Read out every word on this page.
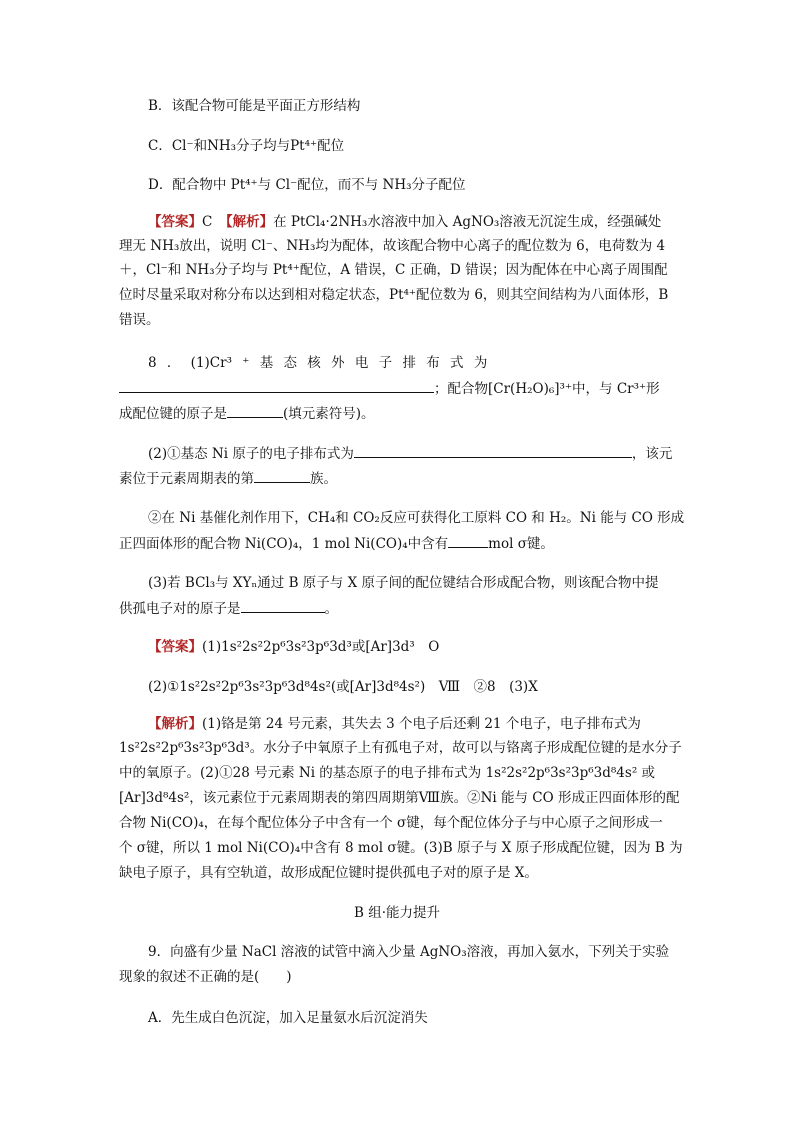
B．该配合物可能是平面正方形结构
C．Cl⁻和NH₃分子均与Pt⁴⁺配位
D．配合物中 Pt⁴⁺与 Cl⁻配位，而不与 NH₃分子配位
【答案】C　 【解析】在 PtCl₄·2NH₃水溶液中加入 AgNO₃溶液无沉淀生成，经强碱处
理无 NH₃放出，说明 Cl⁻、NH₃均为配体，故该配合物中心离子的配位数为 6，电荷数为 4
＋，Cl⁻和 NH₃分子均与 Pt⁴⁺配位，A 错误，C 正确，D 错误；因为配体在中心离子周围配
位时尽量采取对称分布以达到相对稳定状态，Pt⁴⁺配位数为 6，则其空间结构为八面体形，B
错误。
8 ． (1)Cr³ ⁺ 基 态 核 外 电 子 排 布 式 为
；配合物[Cr(H₂O)₆]³⁺中，与 Cr³⁺形
成配位键的原子是	(填元素符号)。
(2)①基态 Ni 原子的电子排布式为	，该元
素位于元素周期表的第	族。
②在 Ni 基催化剂作用下，CH₄和 CO₂反应可获得化工原料 CO 和 H₂。Ni 能与 CO 形成
正四面体形的配合物 Ni(CO)₄，1 mol Ni(CO)₄中含有	mol σ键。
(3)若 BCl₃与 XYₙ通过 B 原子与 X 原子间的配位键结合形成配合物，则该配合物中提
供孤电子对的原子是	。
【答案】(1)1s²2s²2p⁶3s²3p⁶3d³或[Ar]3d³　O
(2)①1s²2s²2p⁶3s²3p⁶3d⁸4s²(或[Ar]3d⁸4s²)　Ⅷ　②8　(3)X
【解析】(1)铬是第 24 号元素，其失去 3 个电子后还剩 21 个电子，电子排布式为
1s²2s²2p⁶3s²3p⁶3d³。水分子中氧原子上有孤电子对，故可以与铬离子形成配位键的是水分子
中的氧原子。(2)①28 号元素 Ni 的基态原子的电子排布式为 1s²2s²2p⁶3s²3p⁶3d⁸4s² 或
[Ar]3d⁸4s²，该元素位于元素周期表的第四周期第Ⅷ族。②Ni 能与 CO 形成正四面体形的配
合物 Ni(CO)₄，在每个配位体分子中含有一个 σ键，每个配位体分子与中心原子之间形成一
个 σ键，所以 1 mol Ni(CO)₄中含有 8 mol σ键。(3)B 原子与 X 原子形成配位键，因为 B 为
缺电子原子，具有空轨道，故形成配位键时提供孤电子对的原子是 X。
B 组·能力提升
9．向盛有少量 NaCl 溶液的试管中滴入少量 AgNO₃溶液，再加入氨水，下列关于实验
现象的叙述不正确的是(　　)
A．先生成白色沉淀，加入足量氨水后沉淀消失
